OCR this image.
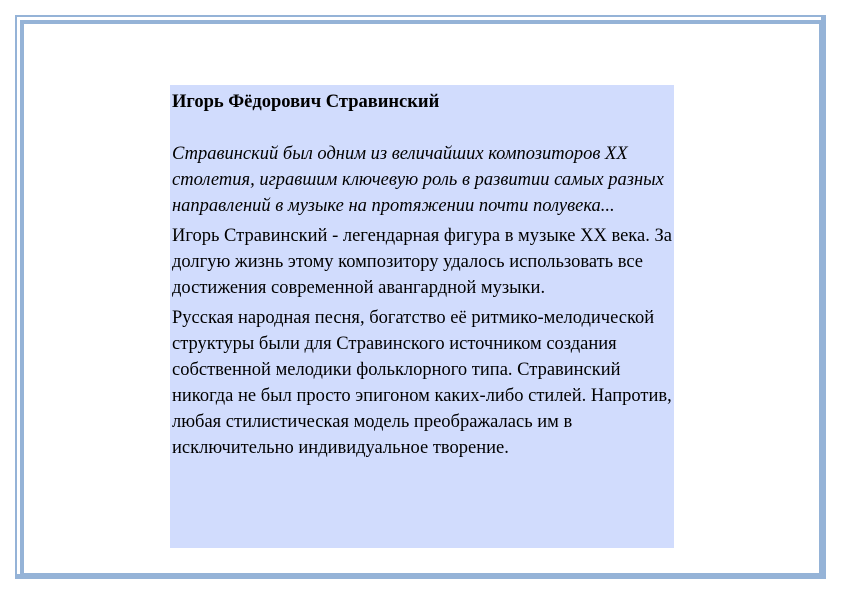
Игорь Фёдорович Стравинский
Стравинский был одним из величайших композиторов XX столетия, игравшим ключевую роль в развитии самых разных направлений в музыке на протяжении почти полувека...
Игорь Стравинский - легендарная фигура в музыке XX века. За долгую жизнь этому композитору удалось использовать все достижения современной авангардной музыки.
Русская народная песня, богатство её ритмико-мелодической структуры были для Стравинского источником создания собственной мелодики фольклорного типа. Стравинский никогда не был просто эпигоном каких-либо стилей. Напротив, любая стилистическая модель преображалась им в исключительно индивидуальное творение.
